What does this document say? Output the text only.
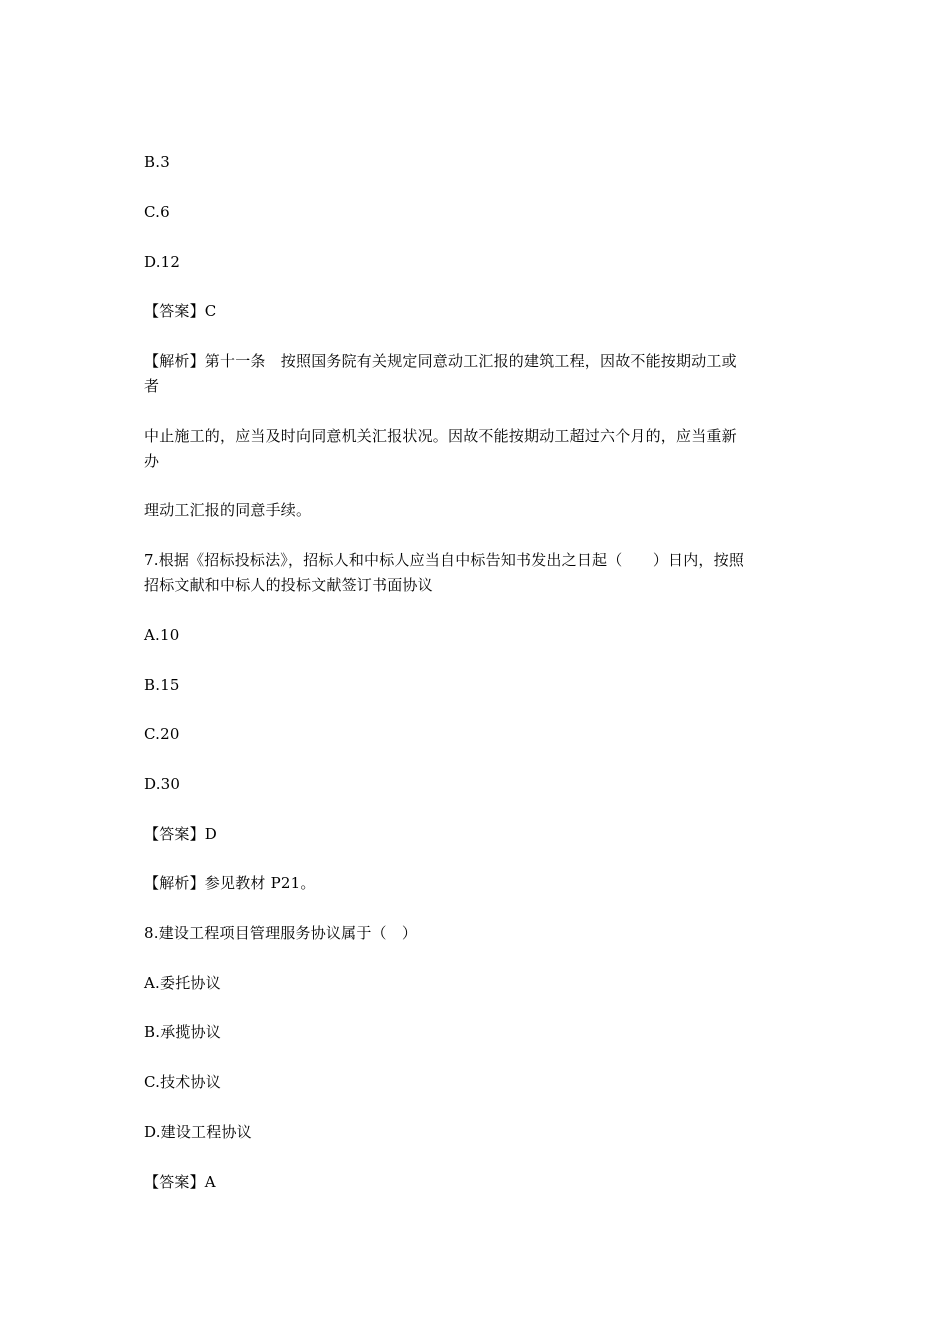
B.3
C.6
D.12
【答案】C
【解析】第十一条　按照国务院有关规定同意动工汇报的建筑工程，因故不能按期动工或
者
中止施工的，应当及时向同意机关汇报状况。因故不能按期动工超过六个月的，应当重新
办
理动工汇报的同意手续。
7.根据《招标投标法》，招标人和中标人应当自中标告知书发出之日起（　　）日内，按照
招标文献和中标人的投标文献签订书面协议
A.10
B.15
C.20
D.30
【答案】D
【解析】参见教材 P21。
8.建设工程项目管理服务协议属于（　）
A.委托协议
B.承揽协议
C.技术协议
D.建设工程协议
【答案】A
